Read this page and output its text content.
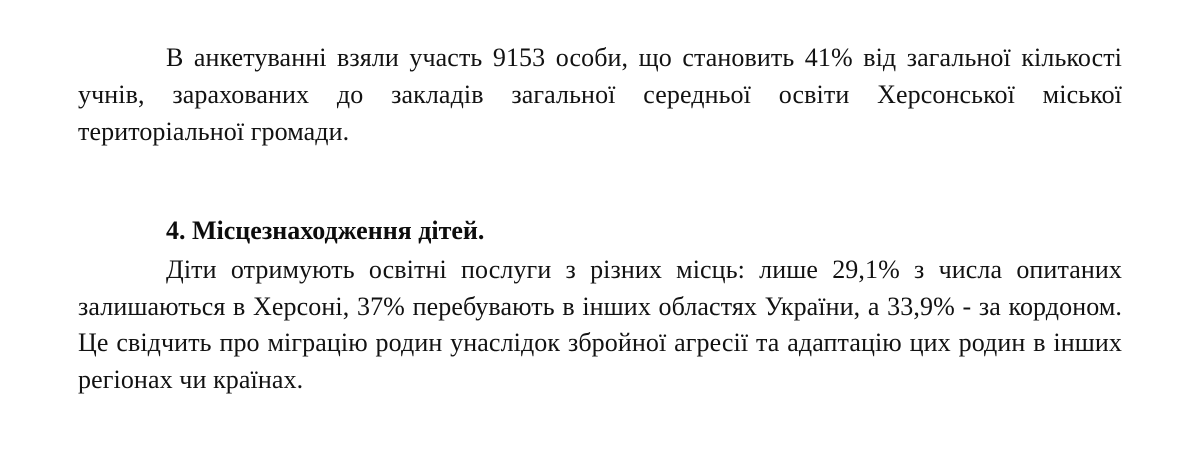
В анкетуванні взяли участь 9153 особи, що становить 41% від загальної кількості учнів, зарахованих до закладів загальної середньої освіти Херсонської міської територіальної громади.

4. Місцезнаходження дітей.

Діти отримують освітні послуги з різних місць: лише 29,1% з числа опитаних залишаються в Херсоні, 37% перебувають в інших областях України, а 33,9% - за кордоном. Це свідчить про міграцію родин унаслідок збройної агресії та адаптацію цих родин в інших регіонах чи країнах.
